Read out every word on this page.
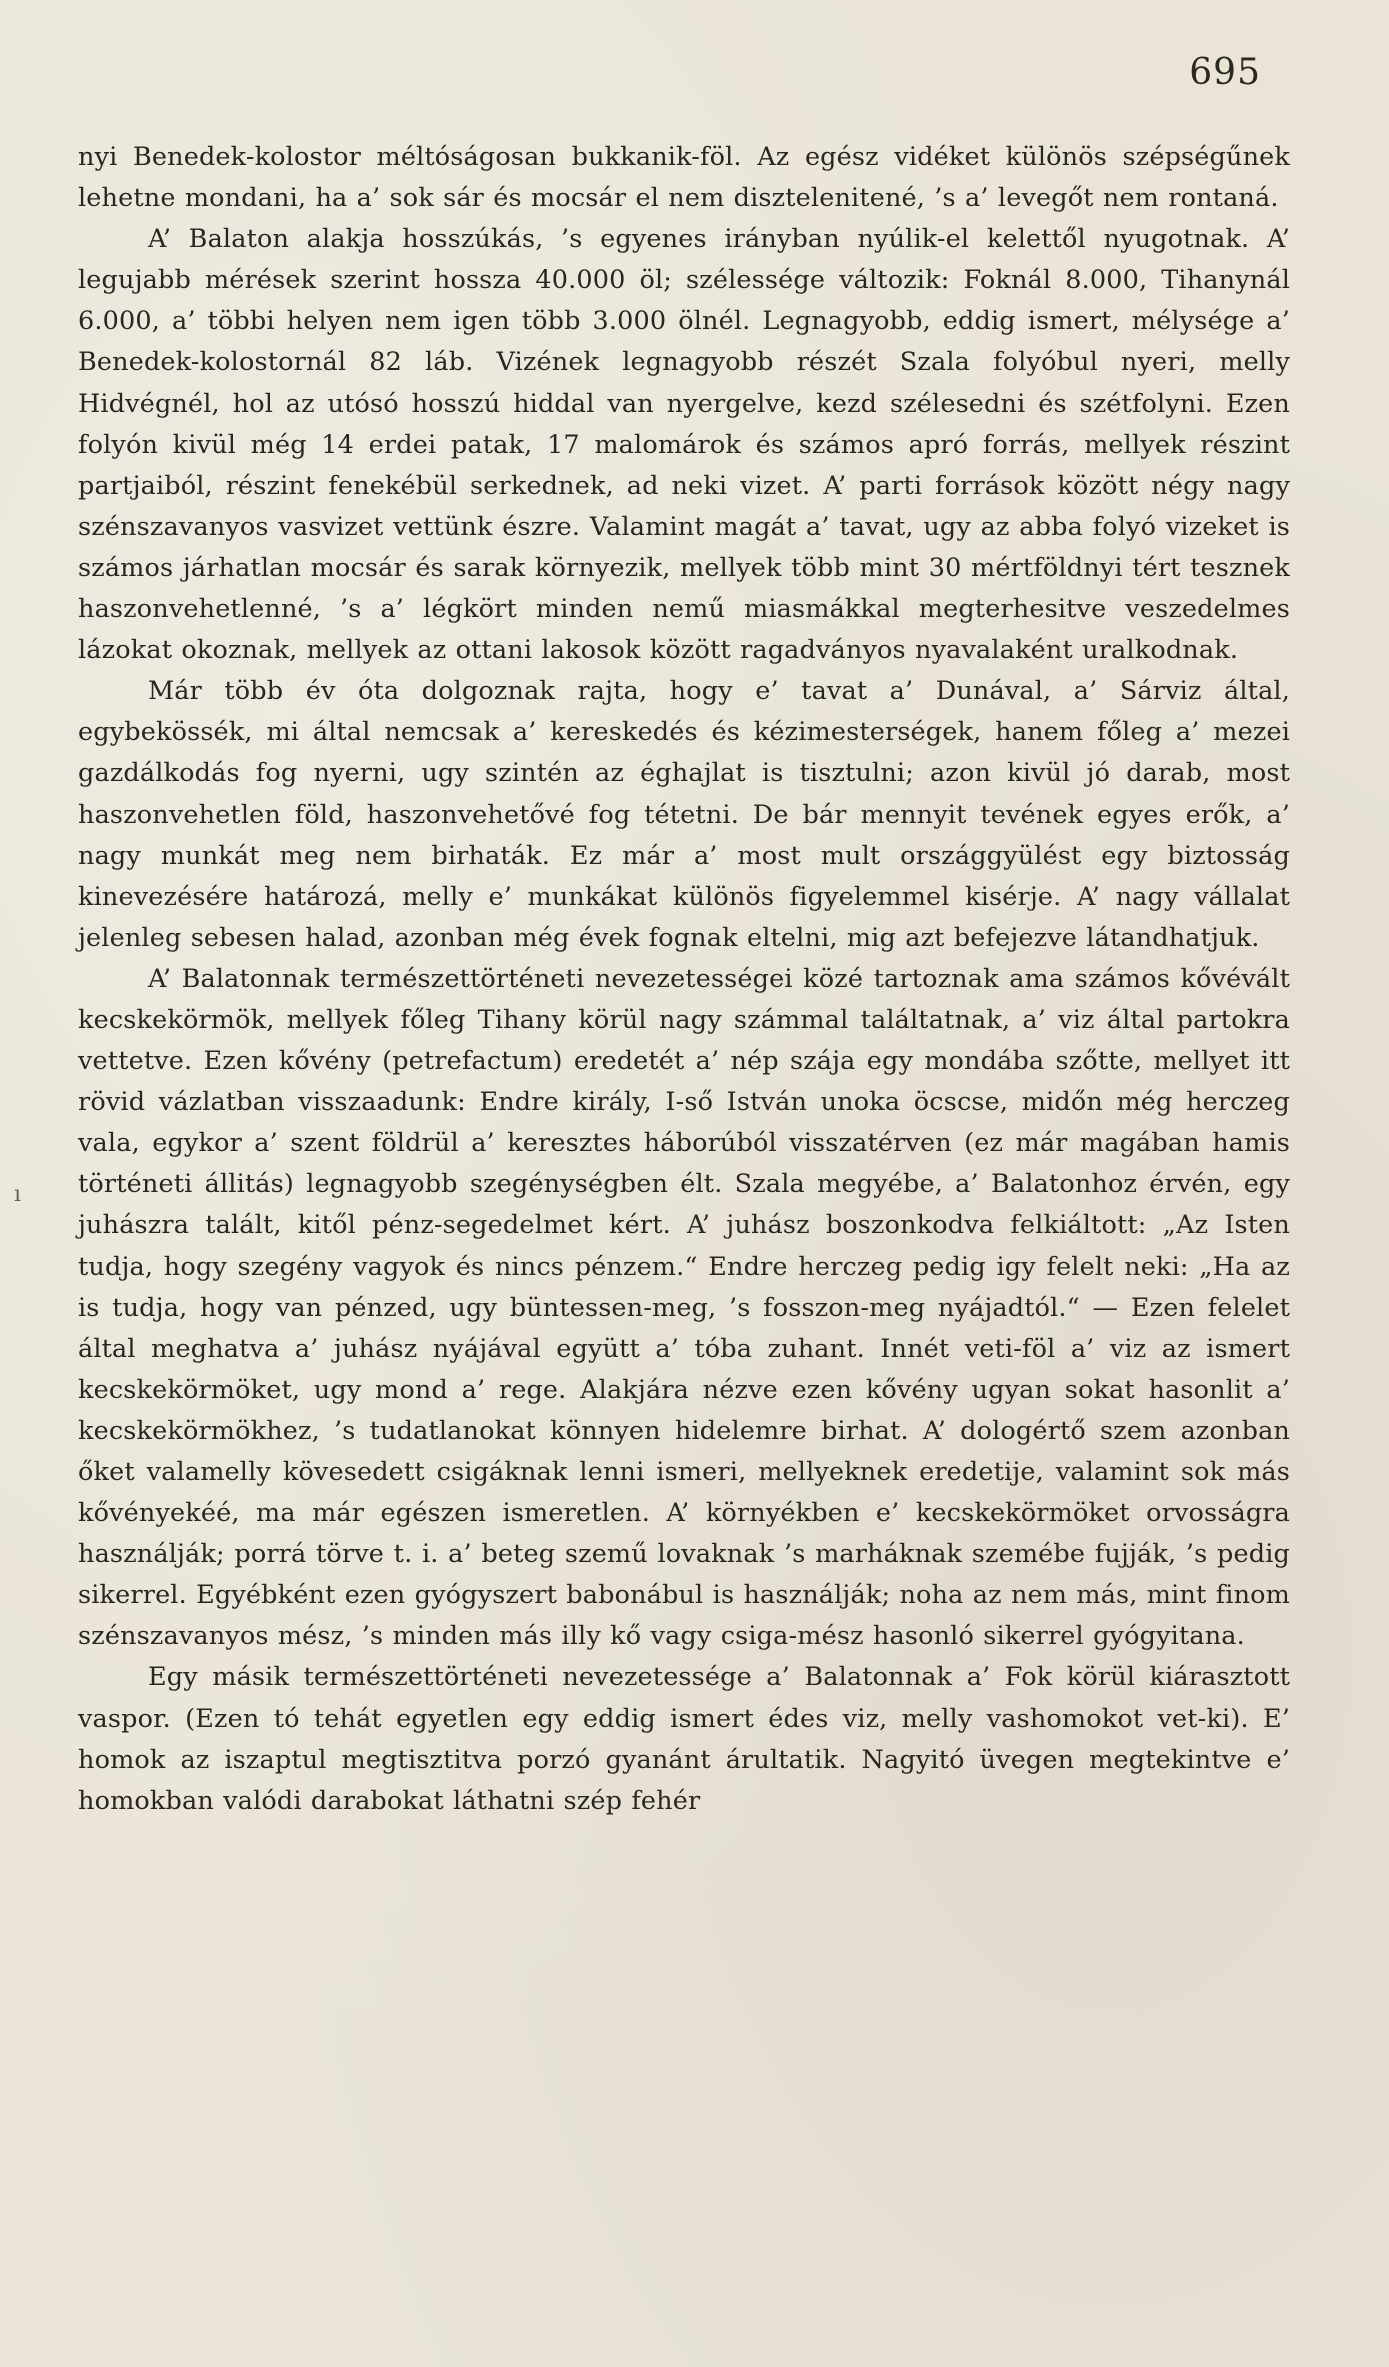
695
ı

nyi Benedek-kolostor méltóságosan bukkanik-föl. Az egész vidéket különös szépségűnek lehetne mondani, ha a’ sok sár és mocsár el nem disztelenitené, ’s a’ levegőt nem rontaná.

A’ Balaton alakja hosszúkás, ’s egyenes irányban nyúlik-el kelettől nyugotnak. A’ legujabb mérések szerint hossza 40.000 öl; szélessége változik: Foknál 8.000, Tihanynál 6.000, a’ többi helyen nem igen több 3.000 ölnél. Legnagyobb, eddig ismert, mélysége a’ Benedek-kolostornál 82 láb. Vizének legnagyobb részét Szala folyóbul nyeri, melly Hidvégnél, hol az utósó hosszú hiddal van nyergelve, kezd szélesedni és szétfolyni. Ezen folyón kivül még 14 erdei patak, 17 malomárok és számos apró forrás, mellyek részint partjaiból, részint fenekébül serkednek, ad neki vizet. A’ parti források között négy nagy szénszavanyos vasvizet vettünk észre. Valamint magát a’ tavat, ugy az abba folyó vizeket is számos járhatlan mocsár és sarak környezik, mellyek több mint 30 mértföldnyi tért tesznek haszonvehetlenné, ’s a’ légkört minden nemű miasmákkal megterhesitve veszedelmes lázokat okoznak, mellyek az ottani lakosok között ragadványos nyavalaként uralkodnak.

Már több év óta dolgoznak rajta, hogy e’ tavat a’ Dunával, a’ Sárviz által, egybekössék, mi által nemcsak a’ kereskedés és kézimesterségek, hanem főleg a’ mezei gazdálkodás fog nyerni, ugy szintén az éghajlat is tisztulni; azon kivül jó darab, most haszonvehetlen föld, haszonvehetővé fog tétetni. De bár mennyit tevének egyes erők, a’ nagy munkát meg nem birhaták. Ez már a’ most mult országgyülést egy biztosság kinevezésére határozá, melly e’ munkákat különös figyelemmel kisérje. A’ nagy vállalat jelenleg sebesen halad, azonban még évek fognak eltelni, mig azt befejezve látandhatjuk.

A’ Balatonnak természettörténeti nevezetességei közé tartoznak ama számos kővévált kecskekörmök, mellyek főleg Tihany körül nagy számmal találtatnak, a’ viz által partokra vettetve. Ezen kővény (petrefactum) eredetét a’ nép szája egy mondába szőtte, mellyet itt rövid vázlatban visszaadunk: Endre király, I-ső István unoka öcscse, midőn még herczeg vala, egykor a’ szent földrül a’ keresztes háborúból visszatérven (ez már magában hamis történeti állitás) legnagyobb szegénységben élt. Szala megyébe, a’ Balatonhoz érvén, egy juhászra talált, kitől pénz-segedelmet kért. A’ juhász boszonkodva felkiáltott: „Az Isten tudja, hogy szegény vagyok és nincs pénzem.“ Endre herczeg pedig igy felelt neki: „Ha az is tudja, hogy van pénzed, ugy büntessen-meg, ’s fosszon-meg nyájadtól.“ — Ezen felelet által meghatva a’ juhász nyájával együtt a’ tóba zuhant. Innét veti-föl a’ viz az ismert kecskekörmöket, ugy mond a’ rege. Alakjára nézve ezen kővény ugyan sokat hasonlit a’ kecskekörmökhez, ’s tudatlanokat könnyen hidelemre birhat. A’ dologértő szem azonban őket valamelly kövesedett csigáknak lenni ismeri, mellyeknek eredetije, valamint sok más kővényekéé, ma már egészen ismeretlen. A’ környékben e’ kecskekörmöket orvosságra használják; porrá törve t. i. a’ beteg szemű lovaknak ’s marháknak szemébe fujják, ’s pedig sikerrel. Egyébként ezen gyógyszert babonábul is használják; noha az nem más, mint finom szénszavanyos mész, ’s minden más illy kő vagy csiga-mész hasonló sikerrel gyógyitana.

Egy másik természettörténeti nevezetessége a’ Balatonnak a’ Fok körül kiárasztott vaspor. (Ezen tó tehát egyetlen egy eddig ismert édes viz, melly vashomokot vet-ki). E’ homok az iszaptul megtisztitva porzó gyanánt árultatik. Nagyitó üvegen megtekintve e’ homokban valódi darabokat láthatni szép fehér
